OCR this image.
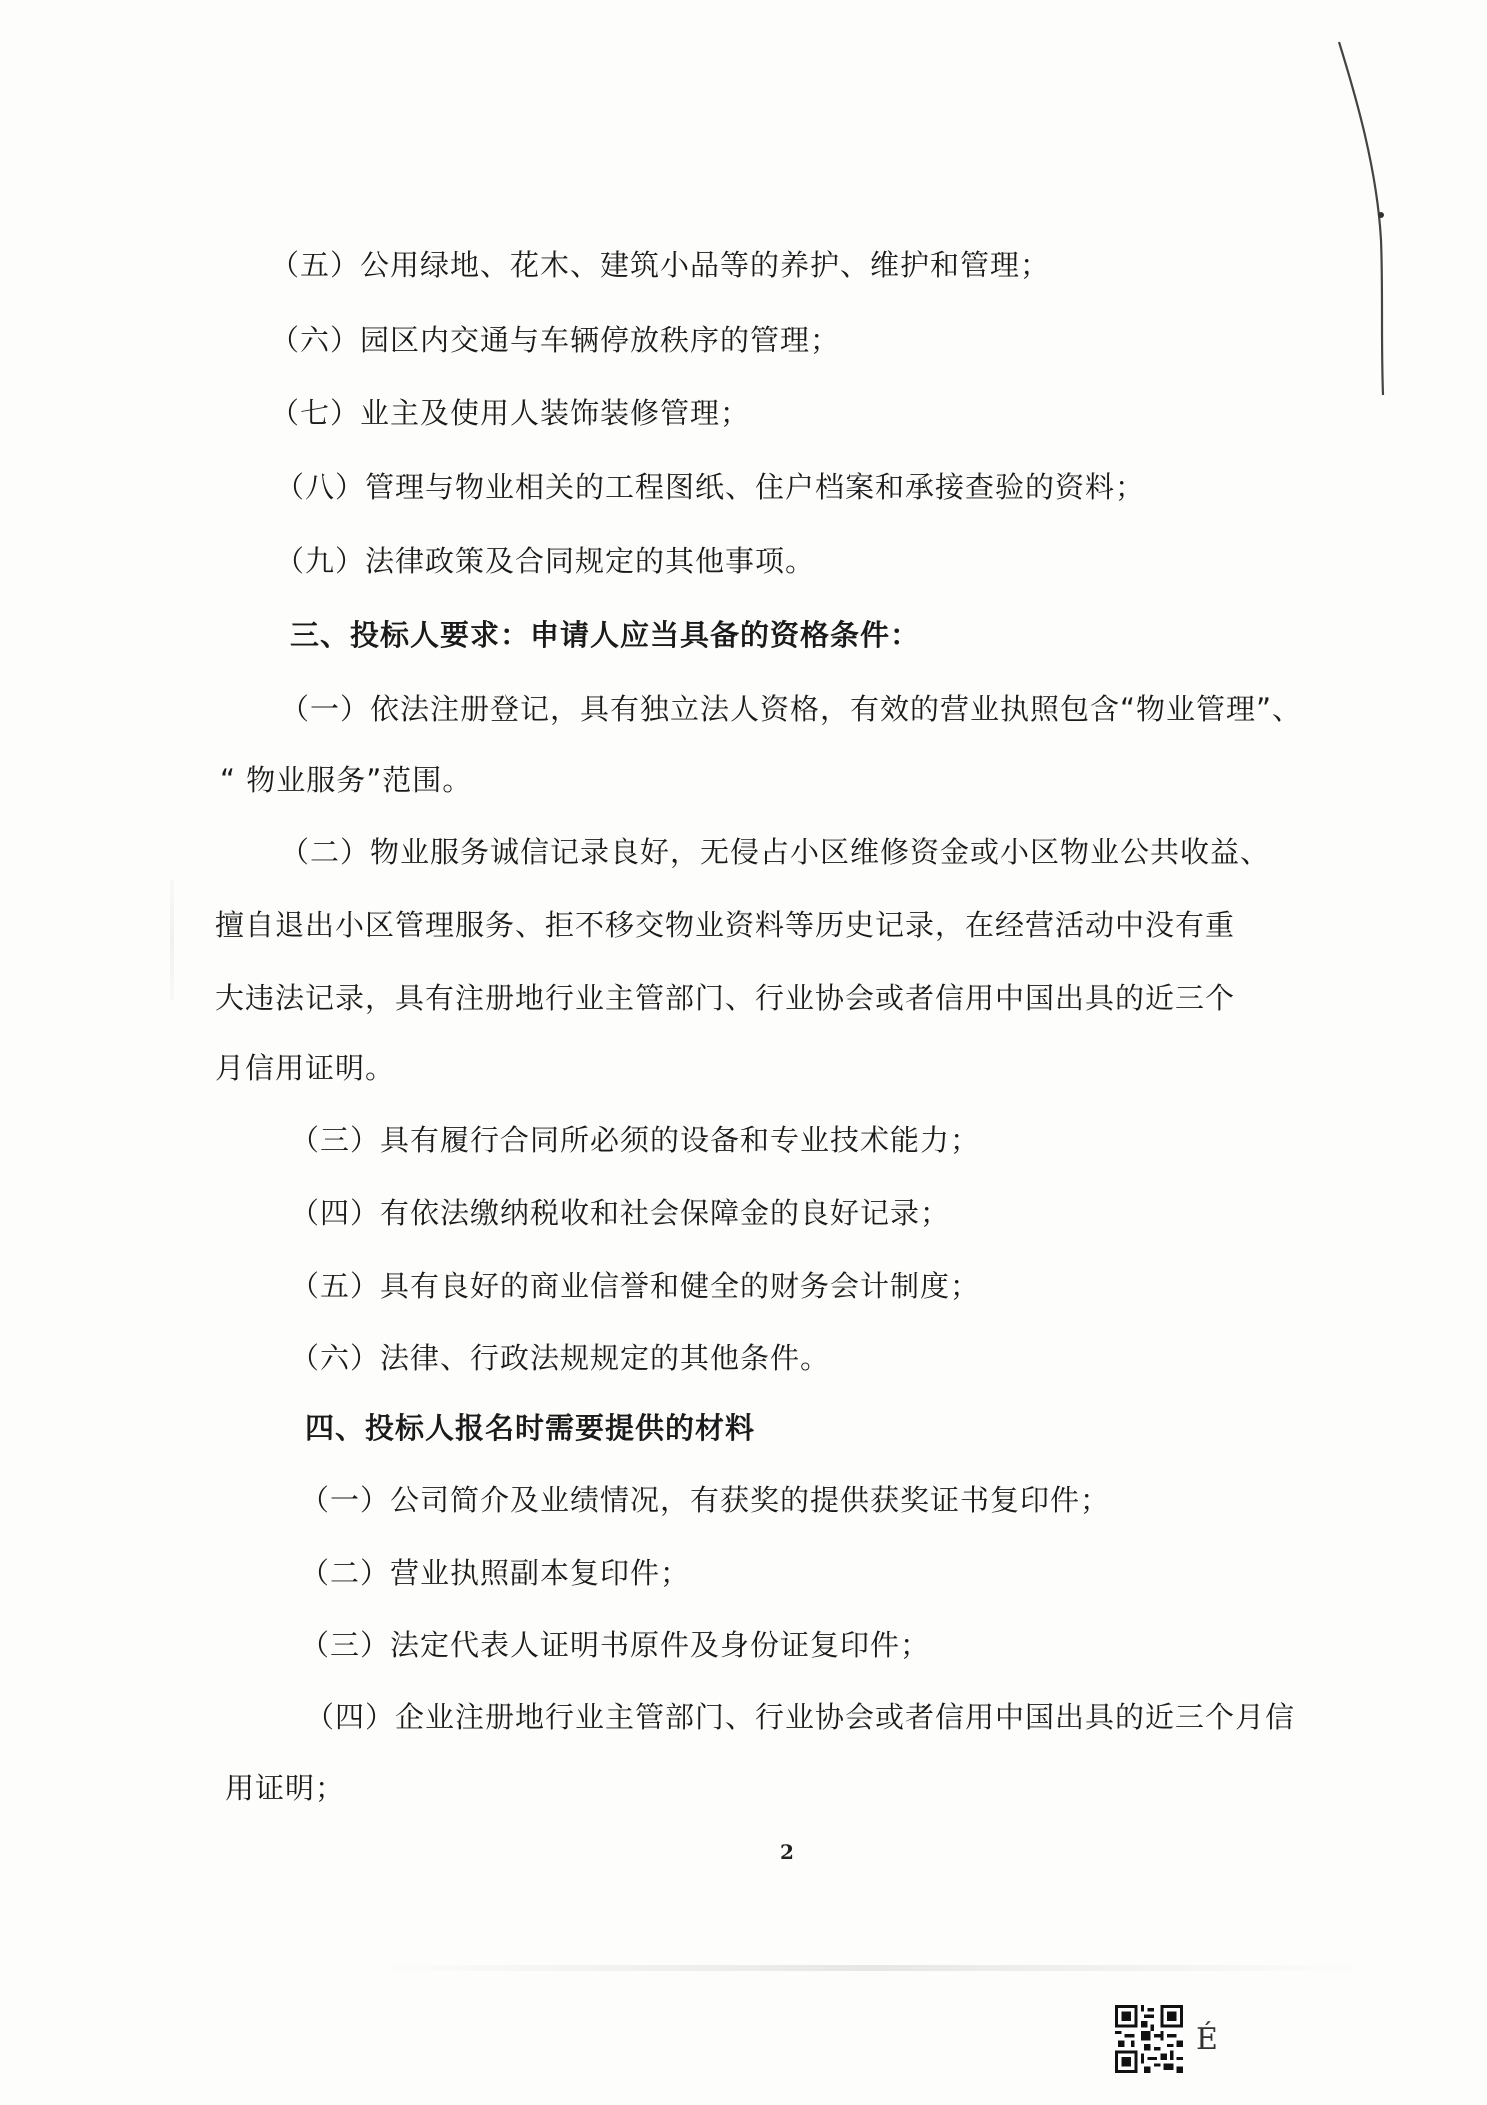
（五）公用绿地、花木、建筑小品等的养护、维护和管理；
（六）园区内交通与车辆停放秩序的管理；
（七）业主及使用人装饰装修管理；
（八）管理与物业相关的工程图纸、住户档案和承接查验的资料；
（九）法律政策及合同规定的其他事项。
三、投标人要求：申请人应当具备的资格条件：
（一）依法注册登记，具有独立法人资格，有效的营业执照包含“物业管理”、
“ 物业服务”范围。
（二）物业服务诚信记录良好，无侵占小区维修资金或小区物业公共收益、
擅自退出小区管理服务、拒不移交物业资料等历史记录，在经营活动中没有重
大违法记录，具有注册地行业主管部门、行业协会或者信用中国出具的近三个
月信用证明。
（三）具有履行合同所必须的设备和专业技术能力；
（四）有依法缴纳税收和社会保障金的良好记录；
（五）具有良好的商业信誉和健全的财务会计制度；
（六）法律、行政法规规定的其他条件。
四、投标人报名时需要提供的材料
（一）公司简介及业绩情况，有获奖的提供获奖证书复印件；
（二）营业执照副本复印件；
（三）法定代表人证明书原件及身份证复印件；
（四）企业注册地行业主管部门、行业协会或者信用中国出具的近三个月信
用证明；
2
É
